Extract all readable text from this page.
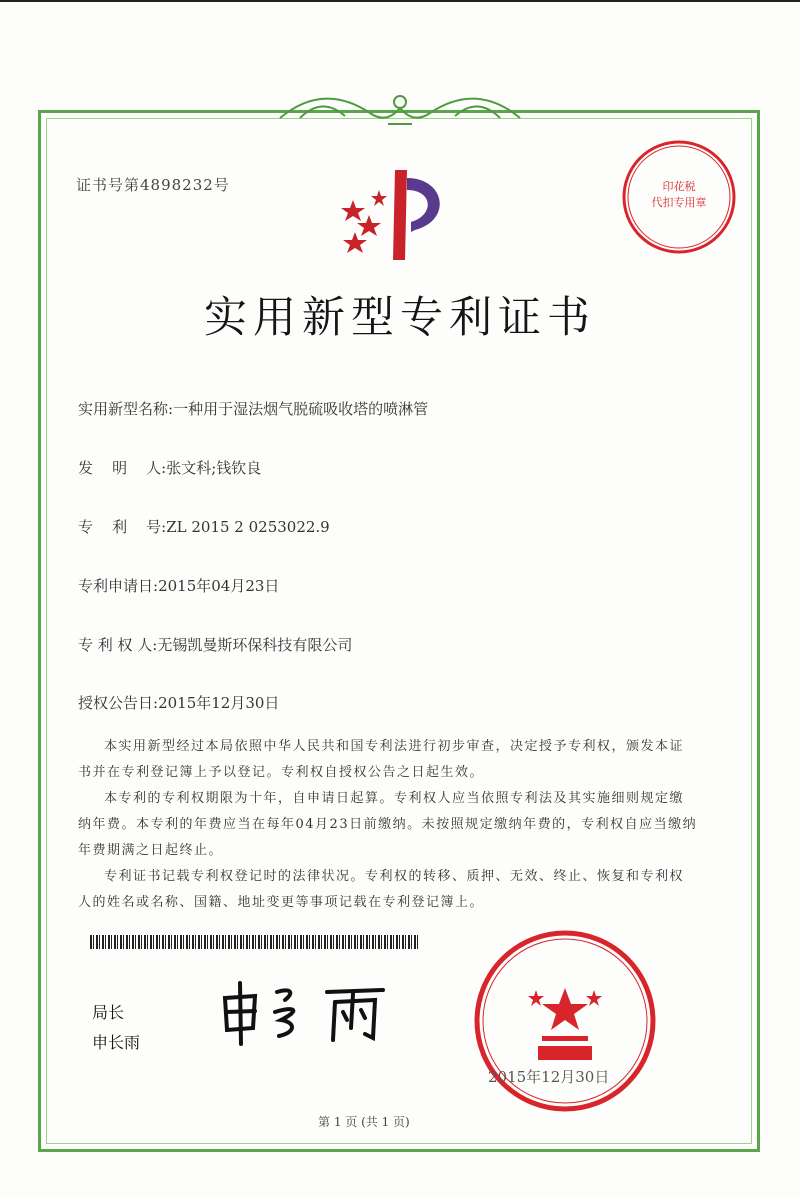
证书号第4898232号
实用新型专利证书
实用新型名称:一种用于湿法烟气脱硫吸收塔的喷淋管
发    明    人:张文科;钱钦良
专    利    号:ZL 2015 2 0253022.9
专利申请日:2015年04月23日
专 利 权 人:无锡凯曼斯环保科技有限公司
授权公告日:2015年12月30日
本实用新型经过本局依照中华人民共和国专利法进行初步审查，决定授予专利权，颁发本证书并在专利登记簿上予以登记。专利权自授权公告之日起生效。
本专利的专利权期限为十年，自申请日起算。专利权人应当依照专利法及其实施细则规定缴纳年费。本专利的年费应当在每年04月23日前缴纳。未按照规定缴纳年费的，专利权自应当缴纳年费期满之日起终止。
专利证书记载专利权登记时的法律状况。专利权的转移、质押、无效、终止、恢复和专利权人的姓名或名称、国籍、地址变更等事项记载在专利登记簿上。
局长
申长雨
印花税
代扣专用章
2015年12月30日
第 1 页 (共 1 页)
